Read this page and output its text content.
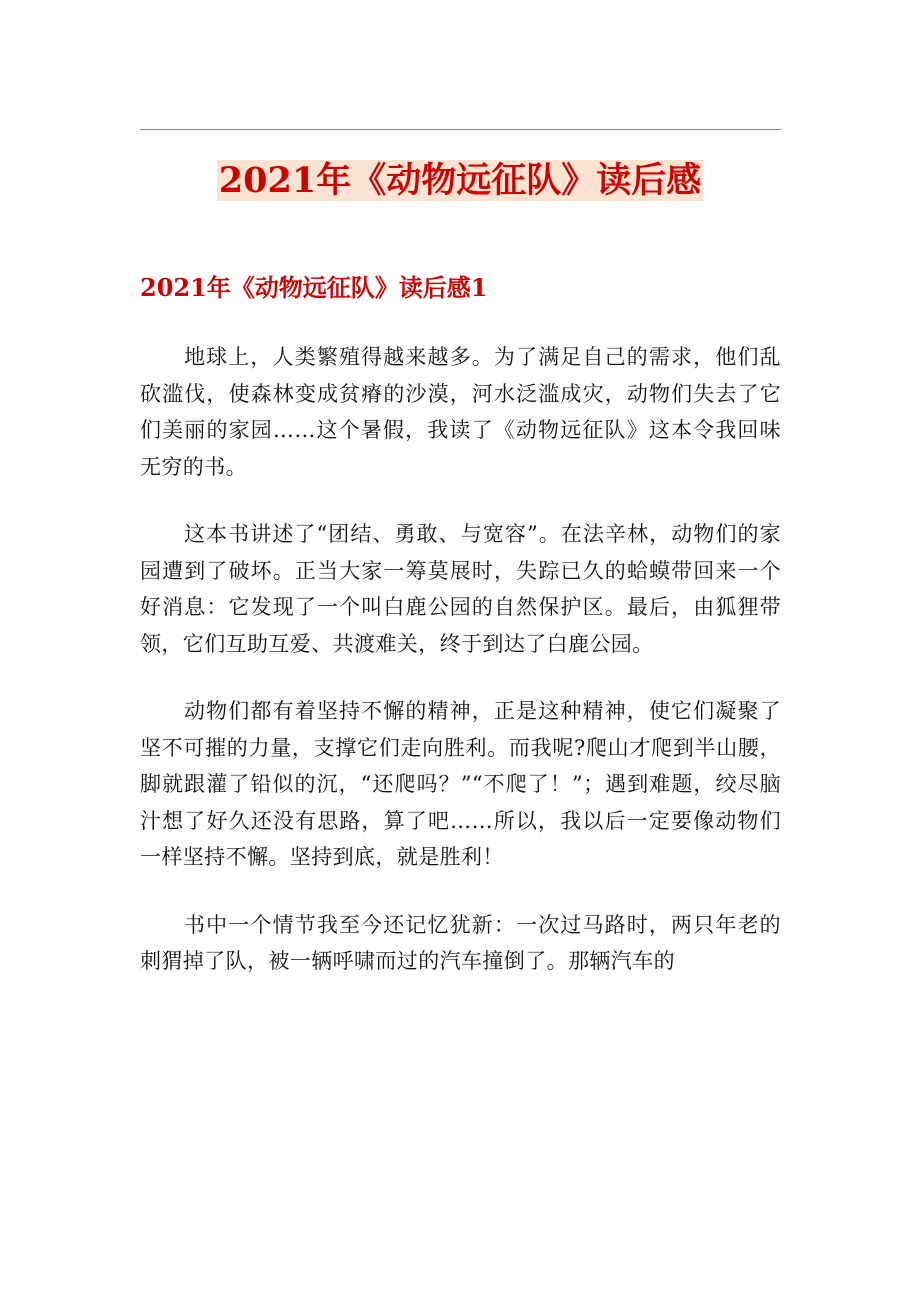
2021年《动物远征队》读后感
2021年《动物远征队》读后感1

地球上，人类繁殖得越来越多。为了满足自己的需求，他们乱砍滥伐，使森林变成贫瘠的沙漠，河水泛滥成灾，动物们失去了它们美丽的家园……这个暑假，我读了《动物远征队》这本令我回味无穷的书。

这本书讲述了“团结、勇敢、与宽容”。在法辛林，动物们的家园遭到了破坏。正当大家一筹莫展时，失踪已久的蛤蟆带回来一个好消息：它发现了一个叫白鹿公园的自然保护区。最后，由狐狸带领，它们互助互爱、共渡难关，终于到达了白鹿公园。

动物们都有着坚持不懈的精神，正是这种精神，使它们凝聚了坚不可摧的力量，支撑它们走向胜利。而我呢?爬山才爬到半山腰，脚就跟灌了铅似的沉，“还爬吗？”“不爬了！”；遇到难题，绞尽脑汁想了好久还没有思路，算了吧……所以，我以后一定要像动物们一样坚持不懈。坚持到底，就是胜利！

书中一个情节我至今还记忆犹新：一次过马路时，两只年老的刺猬掉了队，被一辆呼啸而过的汽车撞倒了。那辆汽车的
